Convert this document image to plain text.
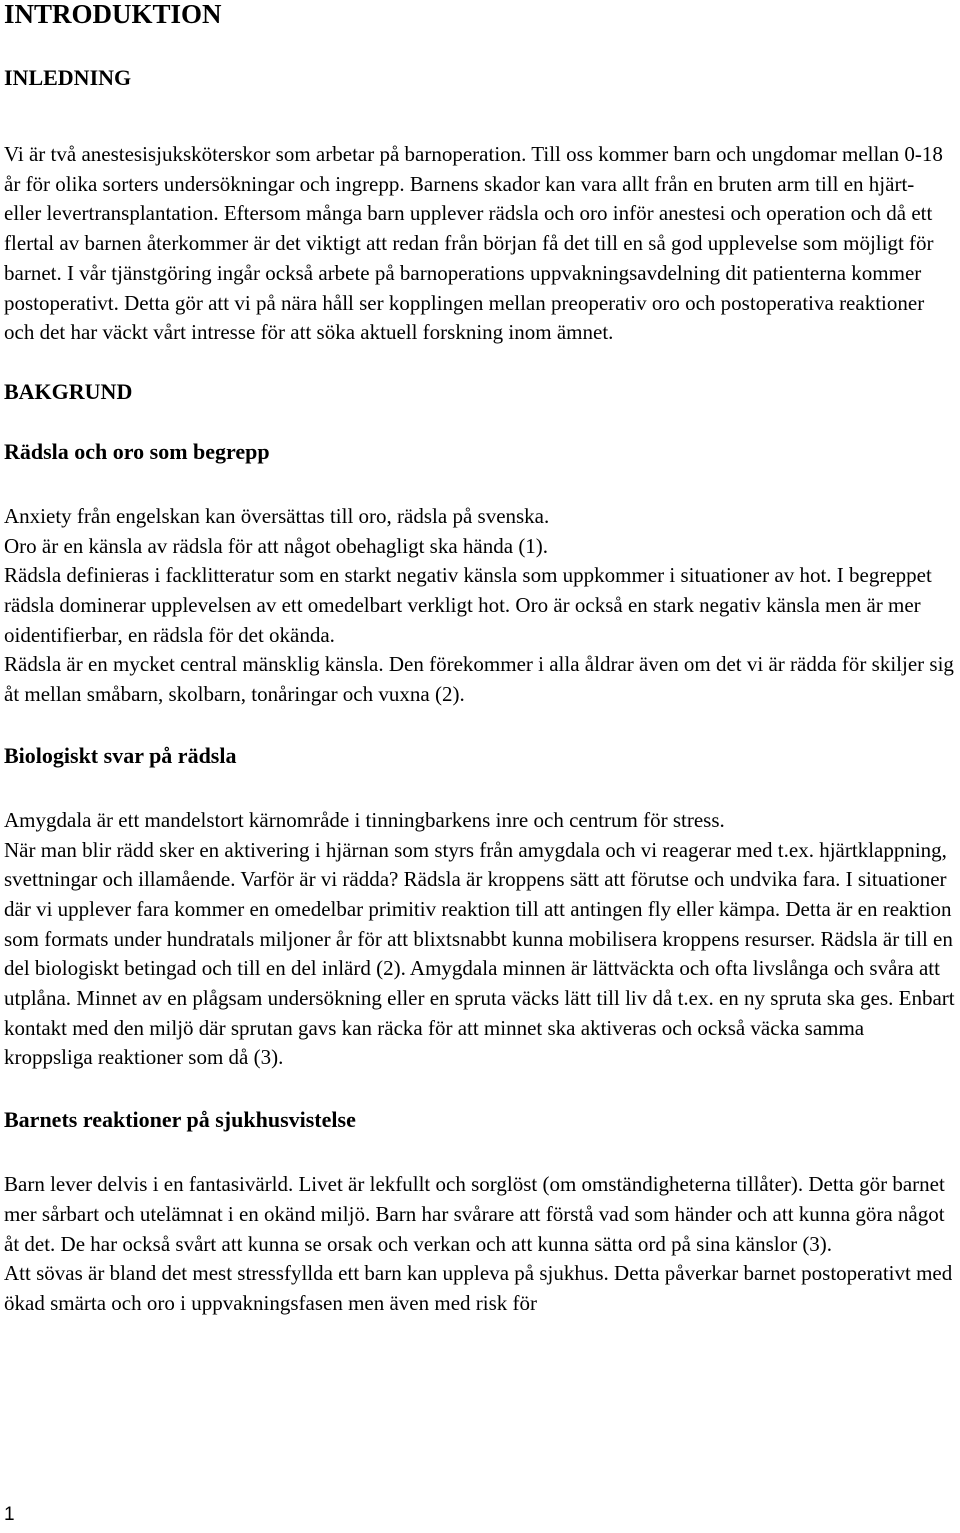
INTRODUKTION
INLEDNING

Vi är två anestesisjuksköterskor som arbetar på barnoperation. Till oss kommer barn och ungdomar mellan 0-18 år för olika sorters undersökningar och ingrepp. Barnens skador kan vara allt från en bruten arm till en hjärt- eller levertransplantation. Eftersom många barn upplever rädsla och oro inför anestesi och operation och då ett flertal av barnen återkommer är det viktigt att redan från början få det till en så god upplevelse som möjligt för barnet. I vår tjänstgöring ingår också arbete på barnoperations uppvakningsavdelning dit patienterna kommer postoperativt. Detta gör att vi på nära håll ser kopplingen mellan preoperativ oro och postoperativa reaktioner och det har väckt vårt intresse för att söka aktuell forskning inom ämnet.

BAKGRUND
Rädsla och oro som begrepp

Anxiety från engelskan kan översättas till oro, rädsla på svenska.

Oro är en känsla av rädsla för att något obehagligt ska hända (1).

Rädsla definieras i facklitteratur som en starkt negativ känsla som uppkommer i situationer av hot. I begreppet rädsla dominerar upplevelsen av ett omedelbart verkligt hot. Oro är också en stark negativ känsla men är mer oidentifierbar, en rädsla för det okända.

Rädsla är en mycket central mänsklig känsla. Den förekommer i alla åldrar även om det vi är rädda för skiljer sig åt mellan småbarn, skolbarn, tonåringar och vuxna (2).

Biologiskt svar på rädsla

Amygdala är ett mandelstort kärnområde i tinningbarkens inre och centrum för stress.

När man blir rädd sker en aktivering i hjärnan som styrs från amygdala och vi reagerar med t.ex. hjärtklappning, svettningar och illamående. Varför är vi rädda? Rädsla är kroppens sätt att förutse och undvika fara. I situationer där vi upplever fara kommer en omedelbar primitiv reaktion till att antingen fly eller kämpa. Detta är en reaktion som formats under hundratals miljoner år för att blixtsnabbt kunna mobilisera kroppens resurser. Rädsla är till en del biologiskt betingad och till en del inlärd (2). Amygdala minnen är lättväckta och ofta livslånga och svåra att utplåna. Minnet av en plågsam undersökning eller en spruta väcks lätt till liv då t.ex. en ny spruta ska ges. Enbart kontakt med den miljö där sprutan gavs kan räcka för att minnet ska aktiveras och också väcka samma kroppsliga reaktioner som då (3).

Barnets reaktioner på sjukhusvistelse

Barn lever delvis i en fantasivärld. Livet är lekfullt och sorglöst (om omständigheterna tillåter). Detta gör barnet mer sårbart och utelämnat i en okänd miljö. Barn har svårare att förstå vad som händer och att kunna göra något åt det. De har också svårt att kunna se orsak och verkan och att kunna sätta ord på sina känslor (3).

Att sövas är bland det mest stressfyllda ett barn kan uppleva på sjukhus. Detta påverkar barnet postoperativt med ökad smärta och oro i uppvakningsfasen men även med risk för

1
